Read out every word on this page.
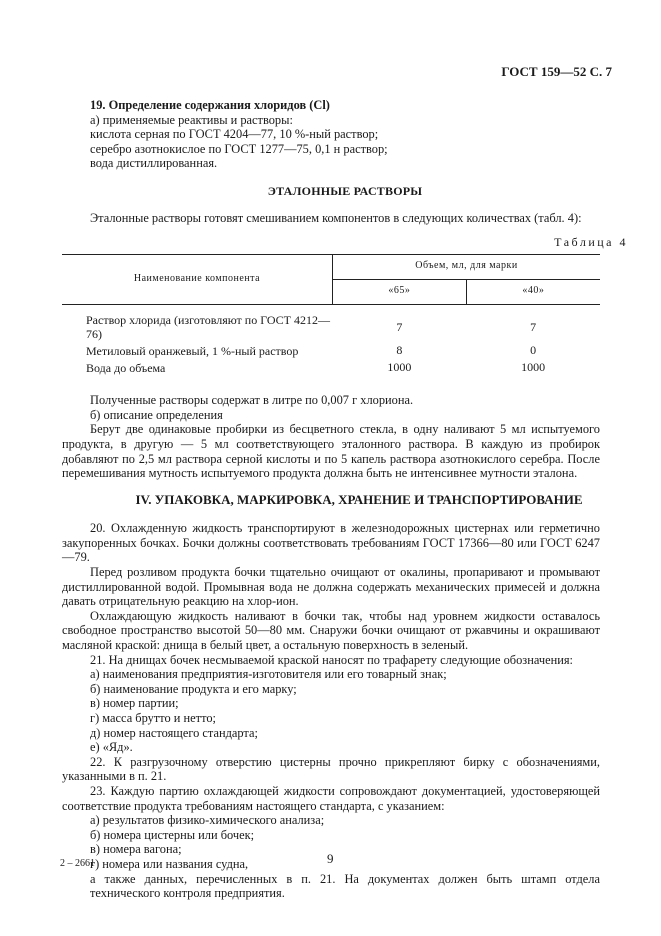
ГОСТ 159—52 С. 7

19. Определение содержания хлоридов (Cl)

а) применяемые реактивы и растворы:

кислота серная по ГОСТ 4204—77, 10 %-ный раствор;

серебро азотнокислое по ГОСТ 1277—75, 0,1 н раствор;

вода дистиллированная.

ЭТАЛОННЫЕ РАСТВОРЫ

Эталонные растворы готовят смешиванием компонентов в следующих количествах (табл. 4):

Таблица 4
Наименование компонента	Объем, мл, для марки	
	«65»	«40»
Раствор хлорида (изготовляют по ГОСТ 4212—76)	7	7
Метиловый оранжевый, 1 %-ный раствор	8	0
Вода до объема	1000	1000

Полученные растворы содержат в литре по 0,007 г хлориона.

б) описание определения

Берут две одинаковые пробирки из бесцветного стекла, в одну наливают 5 мл испытуемого продукта, в другую — 5 мл соответствующего эталонного раствора. В каждую из пробирок добавляют по 2,5 мл раствора серной кислоты и по 5 капель раствора азотнокислого серебра. После перемешивания мутность испытуемого продукта должна быть не интенсивнее мутности эталона.

IV. УПАКОВКА, МАРКИРОВКА, ХРАНЕНИЕ И ТРАНСПОРТИРОВАНИЕ

20. Охлажденную жидкость транспортируют в железнодорожных цистернах или герметично закупоренных бочках. Бочки должны соответствовать требованиям ГОСТ 17366—80 или ГОСТ 6247—79.

Перед розливом продукта бочки тщательно очищают от окалины, пропаривают и промывают дистиллированной водой. Промывная вода не должна содержать механических примесей и должна давать отрицательную реакцию на хлор-ион.

Охлаждающую жидкость наливают в бочки так, чтобы над уровнем жидкости оставалось свободное пространство высотой 50—80 мм. Снаружи бочки очищают от ржавчины и окрашивают масляной краской: днища в белый цвет, а остальную поверхность в зеленый.

21. На днищах бочек несмываемой краской наносят по трафарету следующие обозначения:

а) наименования предприятия-изготовителя или его товарный знак;

б) наименование продукта и его марку;

в) номер партии;

г) масса брутто и нетто;

д) номер настоящего стандарта;

е) «Яд».

22. К разгрузочному отверстию цистерны прочно прикрепляют бирку с обозначениями, указанными в п. 21.

23. Каждую партию охлаждающей жидкости сопровождают документацией, удостоверяющей соответствие продукта требованиям настоящего стандарта, с указанием:

а) результатов физико-химического анализа;

б) номера цистерны или бочек;

в) номера вагона;

г) номера или названия судна,

а также данных, перечисленных в п. 21. На документах должен быть штамп отдела технического контроля предприятия.

2 – 2661	9
